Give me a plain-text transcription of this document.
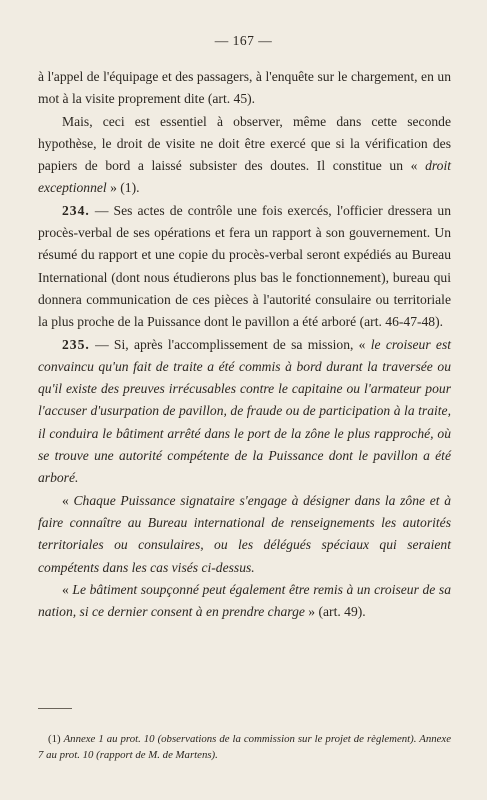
— 167 —

à l'appel de l'équipage et des passagers, à l'enquête sur le chargement, en un mot à la visite proprement dite (art. 45).

Mais, ceci est essentiel à observer, même dans cette seconde hypothèse, le droit de visite ne doit être exercé que si la vérification des papiers de bord a laissé subsister des doutes. Il constitue un « droit exceptionnel » (1).

234. — Ses actes de contrôle une fois exercés, l'officier dressera un procès-verbal de ses opérations et fera un rapport à son gouvernement. Un résumé du rapport et une copie du procès-verbal seront expédiés au Bureau International (dont nous étudierons plus bas le fonctionnement), bureau qui donnera communication de ces pièces à l'autorité consulaire ou territoriale la plus proche de la Puissance dont le pavillon a été arboré (art. 46-47-48).

235. — Si, après l'accomplissement de sa mission, « le croiseur est convaincu qu'un fait de traite a été commis à bord durant la traversée ou qu'il existe des preuves irrécusables contre le capitaine ou l'armateur pour l'accuser d'usurpation de pavillon, de fraude ou de participation à la traite, il conduira le bâtiment arrêté dans le port de la zône le plus rapproché, où se trouve une autorité compétente de la Puissance dont le pavillon a été arboré.

« Chaque Puissance signataire s'engage à désigner dans la zône et à faire connaître au Bureau international de renseignements les autorités territoriales ou consulaires, ou les délégués spéciaux qui seraient compétents dans les cas visés ci-dessus.

« Le bâtiment soupçonné peut également être remis à un croiseur de sa nation, si ce dernier consent à en prendre charge » (art. 49).

(1) Annexe 1 au prot. 10 (observations de la commission sur le projet de règlement). Annexe 7 au prot. 10 (rapport de M. de Martens).
